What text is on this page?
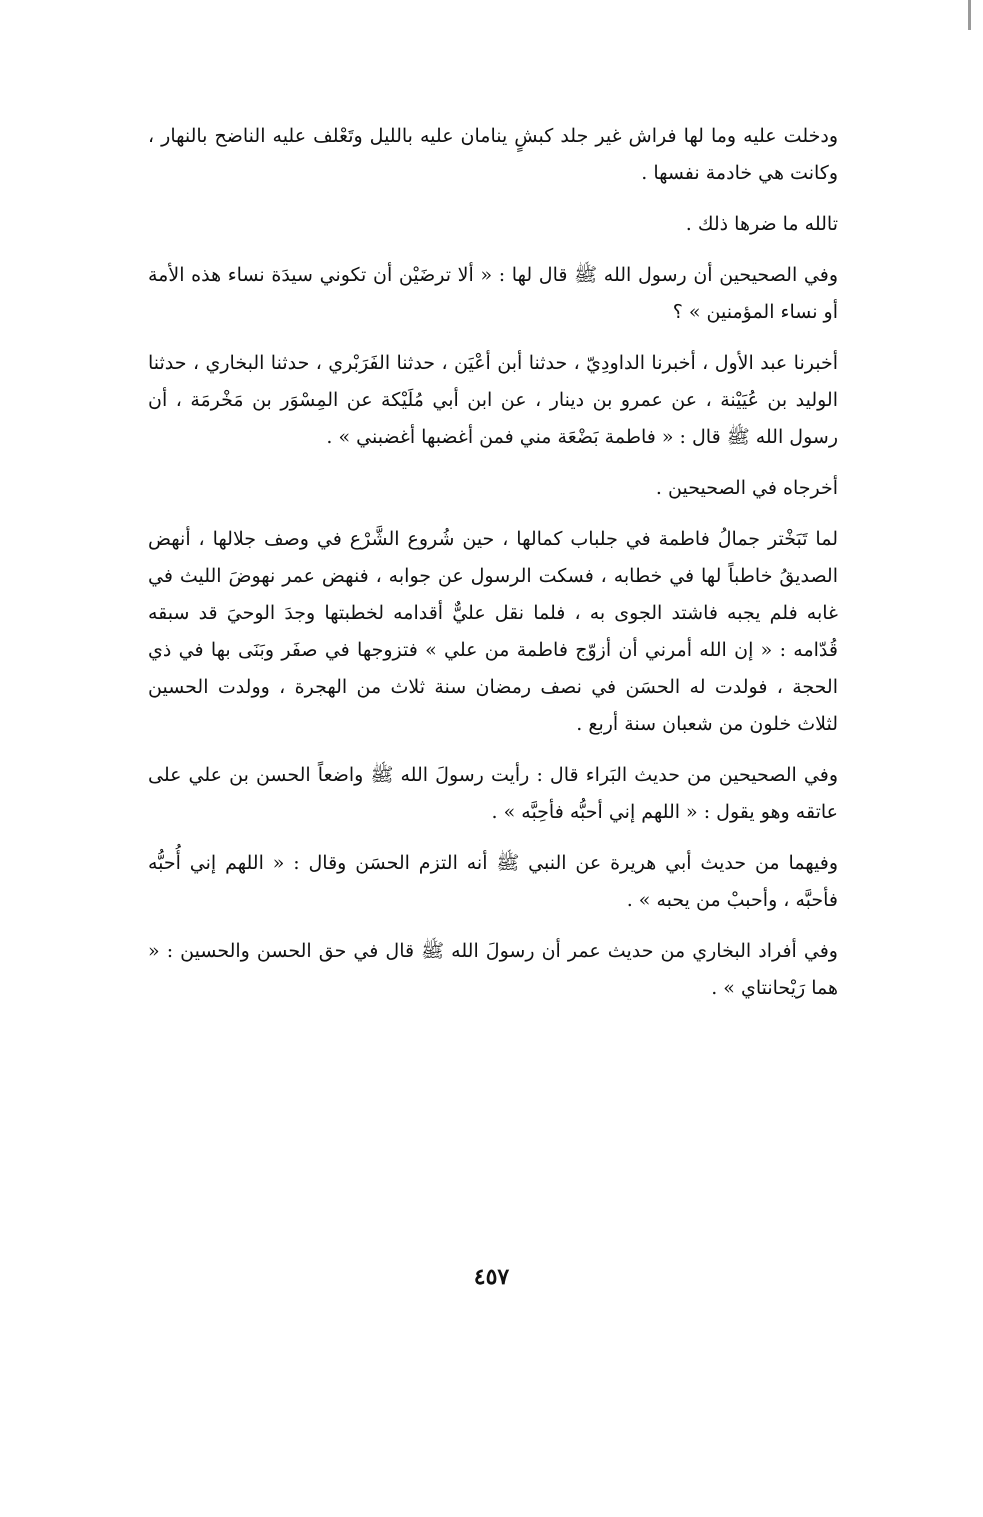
ودخلت عليه وما لها فراش غير جلد كبشٍ ينامان عليه بالليل وتَعْلف عليه الناضح بالنهار ، وكانت هي خادمة نفسها .

تالله ما ضرها ذلك .

وفي الصحيحين أن رسول الله ﷺ قال لها : « ألا ترضَيْن أن تكوني سيدَة نساء هذه الأمة أو نساء المؤمنين » ؟

أخبرنا عبد الأول ، أخبرنا الداودِيّ ، حدثنا أبن أعْيَن ، حدثنا الفَرَبْري ، حدثنا البخاري ، حدثنا الوليد بن عُيَيْنة ، عن عمرو بن دينار ، عن ابن أبي مُلَيْكة عن المِسْوَر بن مَخْرمَة ، أن رسول الله ﷺ قال : « فاطمة بَضْعَة مني فمن أغضبها أغضبني » .

أخرجاه في الصحيحين .

لما تَبَخْتر جمالُ فاطمة في جلباب كمالها ، حين شُروع الشَّرْع في وصف جلالها ، أنهض الصديقُ خاطباً لها في خطابه ، فسكت الرسول عن جوابه ، فنهض عمر نهوضَ الليث في غابه فلم يجبه فاشتد الجوى به ، فلما نقل عليٌّ أقدامه لخطبتها وجدَ الوحيَ قد سبقه قُدّامه : « إن الله أمرني أن أزوّج فاطمة من علي » فتزوجها في صفَر وبَنَى بها في ذي الحجة ، فولدت له الحسَن في نصف رمضان سنة ثلاث من الهجرة ، وولدت الحسين لثلاث خلون من شعبان سنة أربع .

وفي الصحيحين من حديث البَراء قال : رأيت رسولَ الله ﷺ واضعاً الحسن بن علي على عاتقه وهو يقول : « اللهم إني أحبُّه فأحِبَّه » .

وفيهما من حديث أبي هريرة عن النبي ﷺ أنه التزم الحسَن وقال : « اللهم إني أُحبُّه فأحبَّه ، وأحببْ من يحبه » .

وفي أفراد البخاري من حديث عمر أن رسولَ الله ﷺ قال في حق الحسن والحسين : « هما رَيْحانتاي » .

٤٥٧
